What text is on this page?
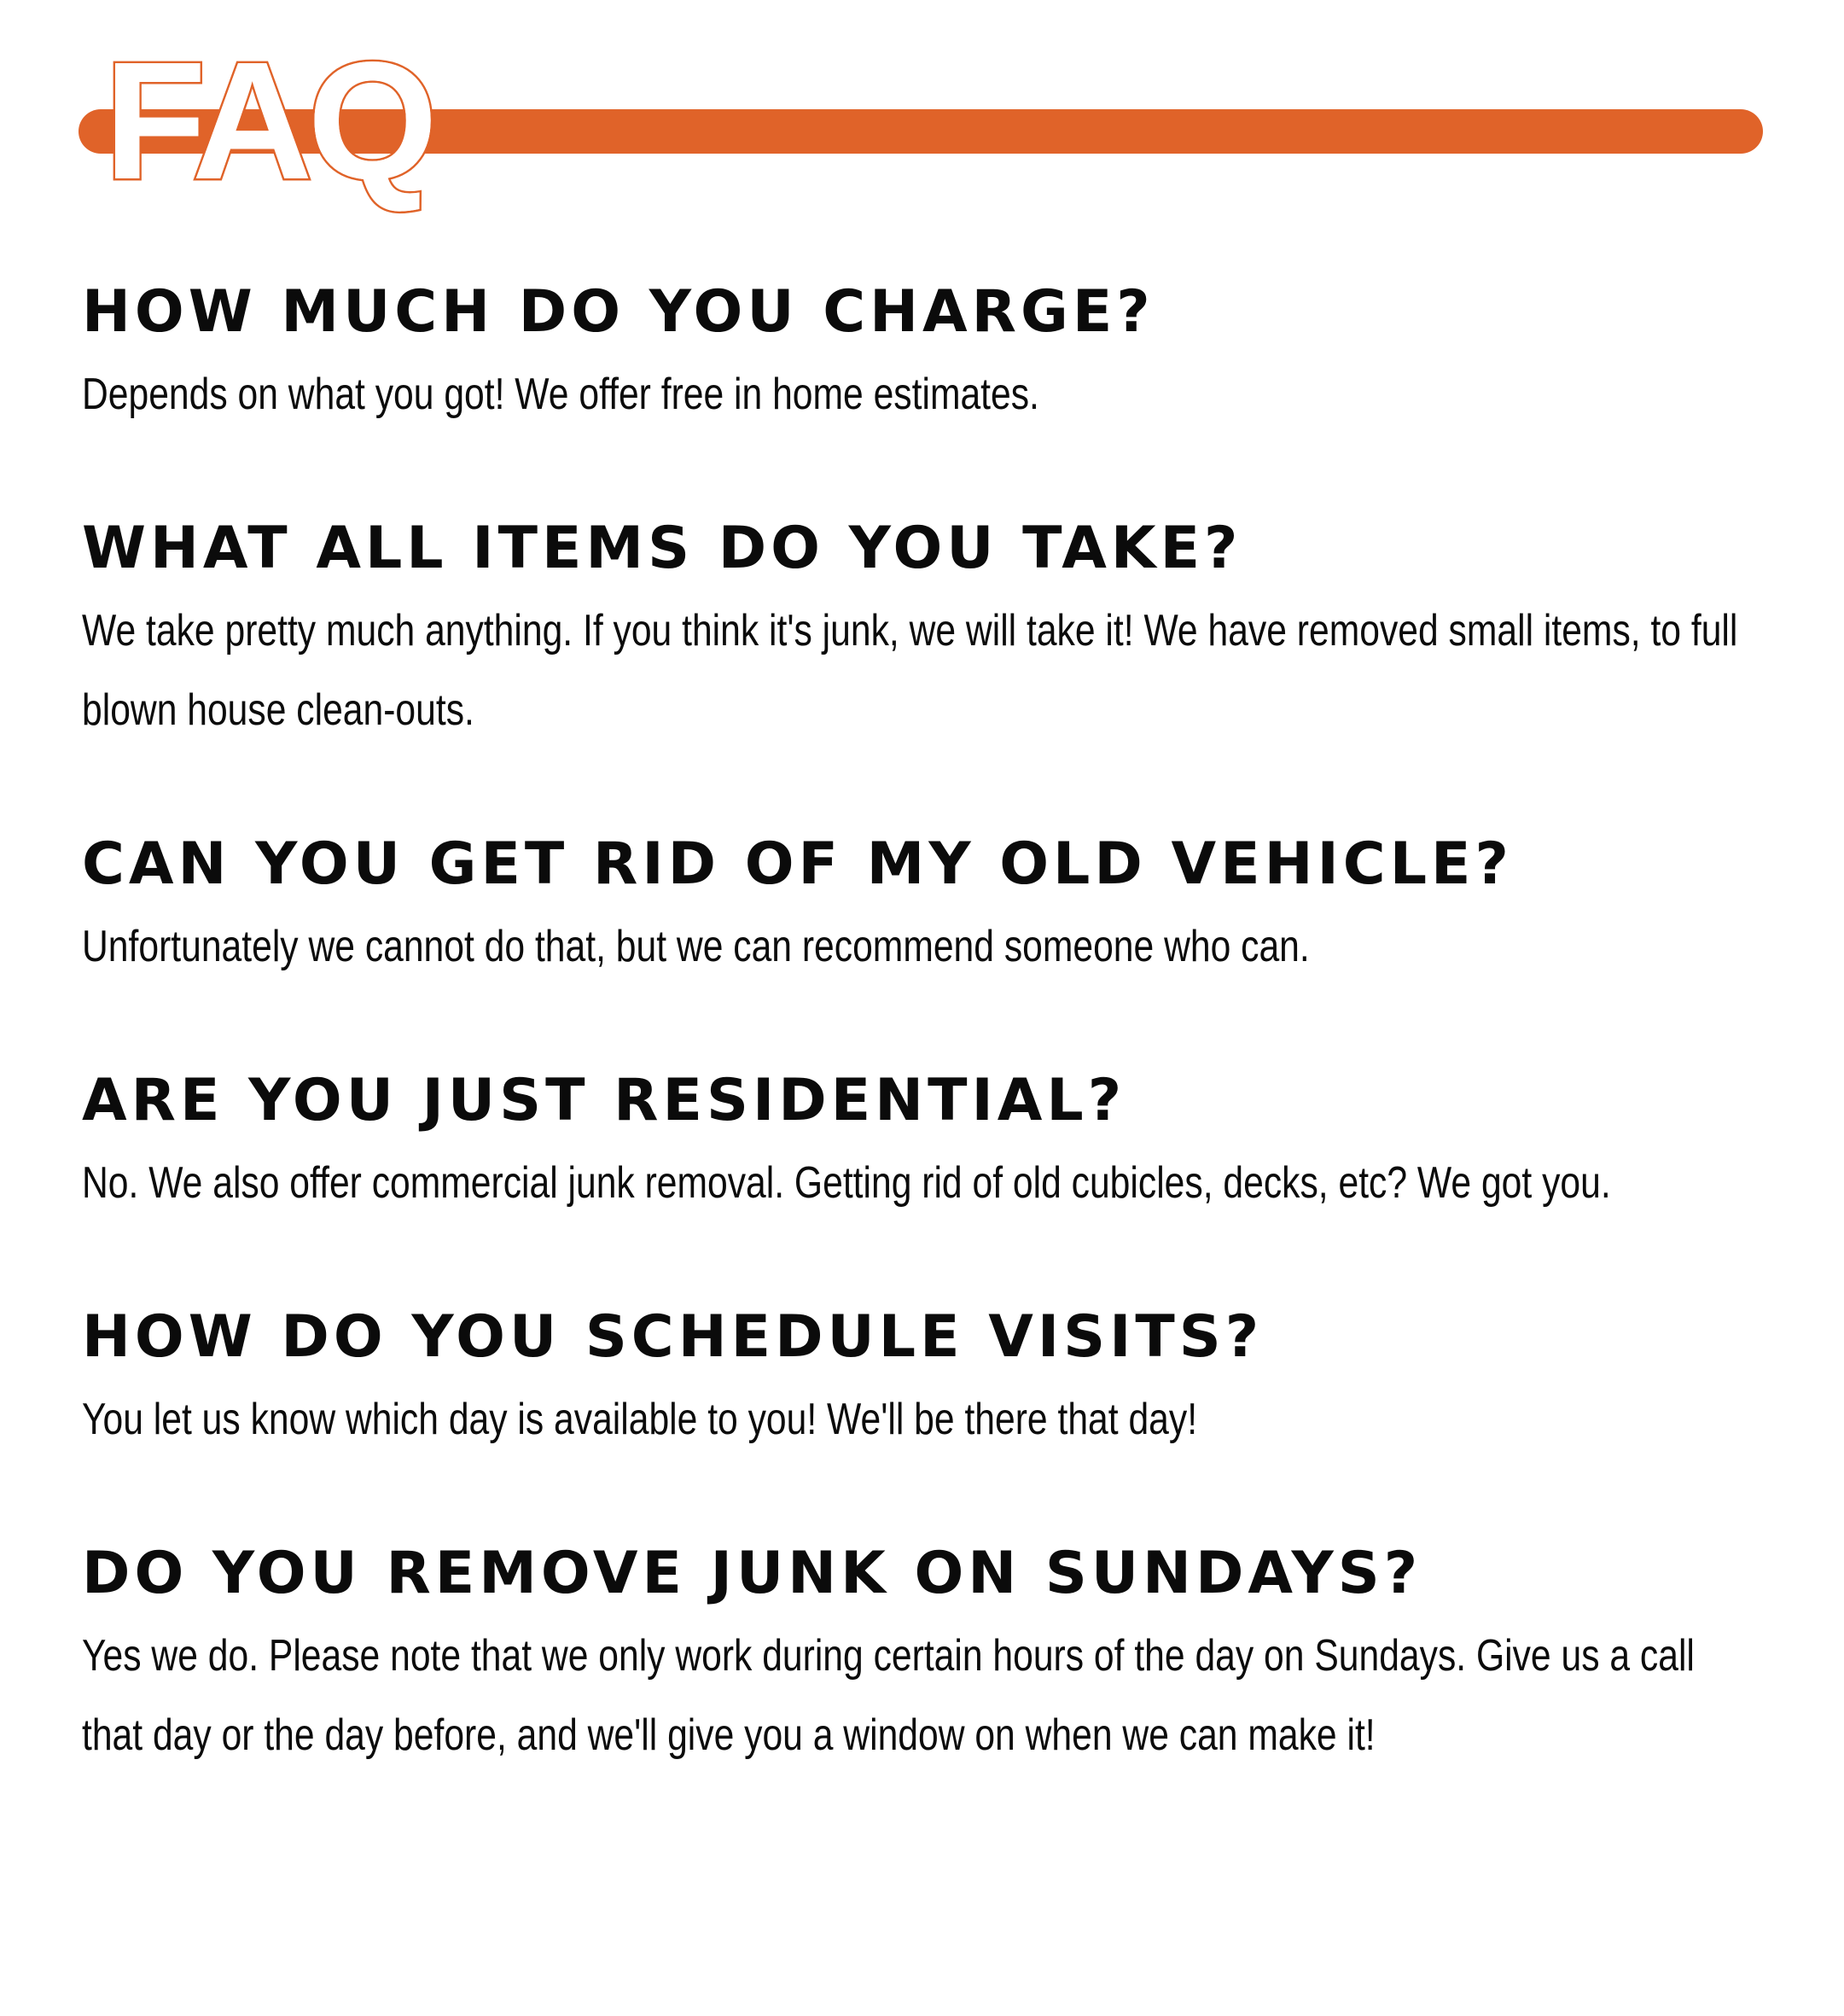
FAQ
HOW MUCH DO YOU CHARGE?

Depends on what you got! We offer free in home estimates.

WHAT ALL ITEMS DO YOU TAKE?

We take pretty much anything. If you think it's junk, we will take it! We have removed small items, to full blown house clean-outs.

CAN YOU GET RID OF MY OLD VEHICLE?

Unfortunately we cannot do that, but we can recommend someone who can.

ARE YOU JUST RESIDENTIAL?

No. We also offer commercial junk removal. Getting rid of old cubicles, decks, etc? We got you.

HOW DO YOU SCHEDULE VISITS?

You let us know which day is available to you! We'll be there that day!

DO YOU REMOVE JUNK ON SUNDAYS?

Yes we do. Please note that we only work during certain hours of the day on Sundays. Give us a call that day or the day before, and we'll give you a window on when we can make it!
